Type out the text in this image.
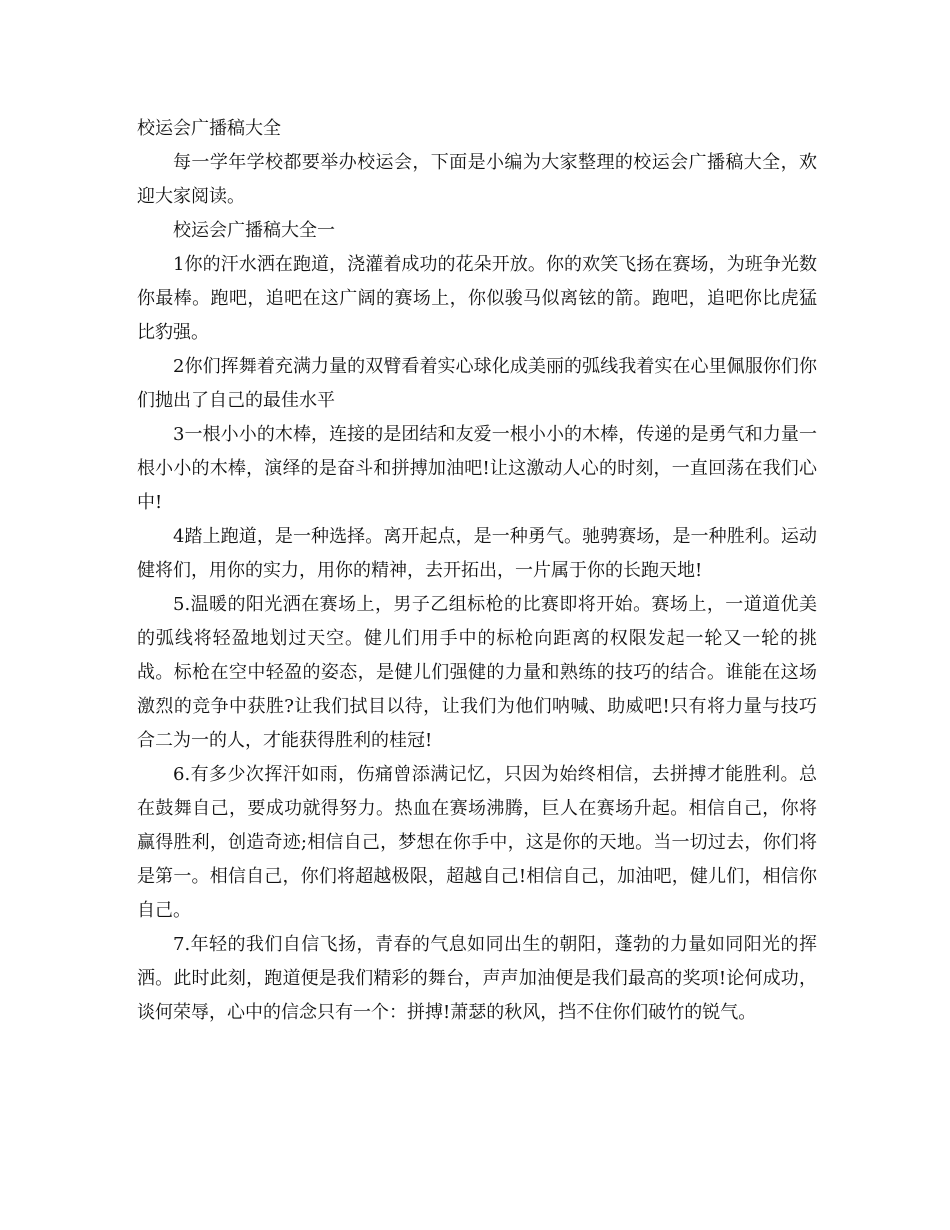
校运会广播稿大全

每一学年学校都要举办校运会，下面是小编为大家整理的校运会广播稿大全，欢迎大家阅读。

校运会广播稿大全一

1你的汗水洒在跑道，浇灌着成功的花朵开放。你的欢笑飞扬在赛场，为班争光数你最棒。跑吧，追吧在这广阔的赛场上，你似骏马似离铉的箭。跑吧，追吧你比虎猛比豹强。

2你们挥舞着充满力量的双臂看着实心球化成美丽的弧线我着实在心里佩服你们你们抛出了自己的最佳水平

3一根小小的木棒，连接的是团结和友爱一根小小的木棒，传递的是勇气和力量一根小小的木棒，演绎的是奋斗和拼搏加油吧!让这激动人心的时刻，一直回荡在我们心中!

4踏上跑道，是一种选择。离开起点，是一种勇气。驰骋赛场，是一种胜利。运动健将们，用你的实力，用你的精神，去开拓出，一片属于你的长跑天地!

5.温暖的阳光洒在赛场上，男子乙组标枪的比赛即将开始。赛场上，一道道优美的弧线将轻盈地划过天空。健儿们用手中的标枪向距离的权限发起一轮又一轮的挑战。标枪在空中轻盈的姿态，是健儿们强健的力量和熟练的技巧的结合。谁能在这场激烈的竞争中获胜?让我们拭目以待，让我们为他们呐喊、助威吧!只有将力量与技巧合二为一的人，才能获得胜利的桂冠!

6.有多少次挥汗如雨，伤痛曾添满记忆，只因为始终相信，去拼搏才能胜利。总在鼓舞自己，要成功就得努力。热血在赛场沸腾，巨人在赛场升起。相信自己，你将赢得胜利，创造奇迹;相信自己，梦想在你手中，这是你的天地。当一切过去，你们将是第一。相信自己，你们将超越极限，超越自己!相信自己，加油吧，健儿们，相信你自己。

7.年轻的我们自信飞扬，青春的气息如同出生的朝阳，蓬勃的力量如同阳光的挥洒。此时此刻，跑道便是我们精彩的舞台，声声加油便是我们最高的奖项!论何成功，谈何荣辱，心中的信念只有一个：拼搏!萧瑟的秋风，挡不住你们破竹的锐气。
